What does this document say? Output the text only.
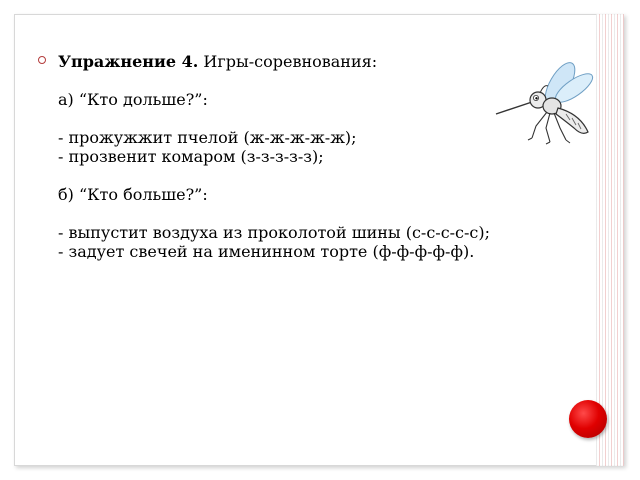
Упражнение 4. Игры-соревнования:

а) “Кто дольше?”:

- прожужжит пчелой (ж-ж-ж-ж-ж);

- прозвенит комаром (з-з-з-з-з);

б) “Кто больше?”:

- выпустит воздуха из проколотой шины (с-с-с-с-с);

- задует свечей на именинном торте (ф-ф-ф-ф-ф).
